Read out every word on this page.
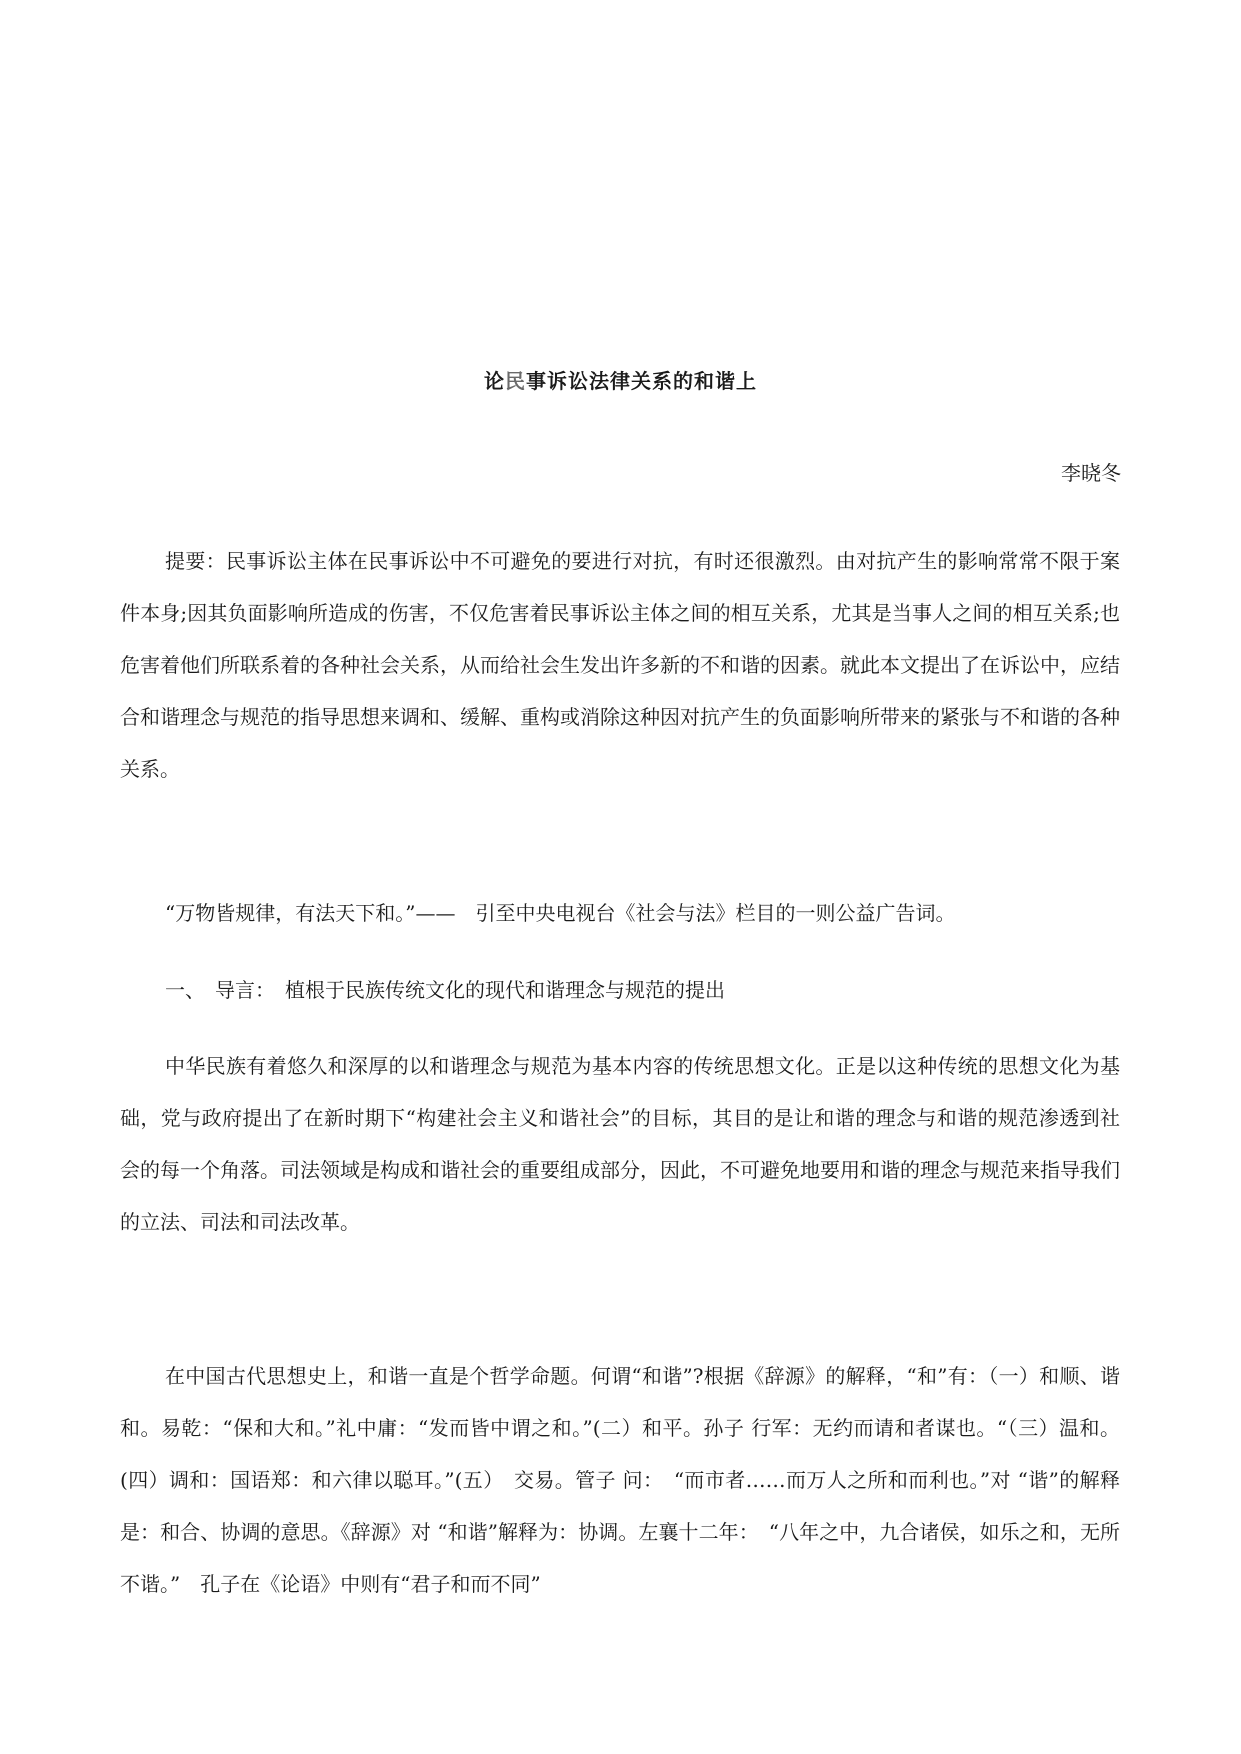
论民事诉讼法律关系的和谐上
李晓冬

提要：民事诉讼主体在民事诉讼中不可避免的要进行对抗，有时还很激烈。由对抗产生的影响常常不限于案件本身;因其负面影响所造成的伤害，不仅危害着民事诉讼主体之间的相互关系，尤其是当事人之间的相互关系;也危害着他们所联系着的各种社会关系，从而给社会生发出许多新的不和谐的因素。就此本文提出了在诉讼中，应结合和谐理念与规范的指导思想来调和、缓解、重构或消除这种因对抗产生的负面影响所带来的紧张与不和谐的各种关系。

“万物皆规律，有法天下和。”——　引至中央电视台《社会与法》栏目的一则公益广告词。

一、　导言：　植根于民族传统文化的现代和谐理念与规范的提出

中华民族有着悠久和深厚的以和谐理念与规范为基本内容的传统思想文化。正是以这种传统的思想文化为基础，党与政府提出了在新时期下“构建社会主义和谐社会”的目标，其目的是让和谐的理念与和谐的规范渗透到社会的每一个角落。司法领域是构成和谐社会的重要组成部分，因此，不可避免地要用和谐的理念与规范来指导我们的立法、司法和司法改革。

在中国古代思想史上，和谐一直是个哲学命题。何谓“和谐”?根据《辞源》的解释，“和”有：（一）和顺、谐和。易乾：“保和大和。”礼中庸：“发而皆中谓之和。”(二）和平。孙子 行军：无约而请和者谋也。“（三）温和。(四）调和：国语郑：和六律以聪耳。”(五）　交易。管子 问：　“而市者……而万人之所和而利也。”对 “谐”的解释是：和合、协调的意思。《辞源》对 “和谐”解释为：协调。左襄十二年：　“八年之中，九合诸侯，如乐之和，无所不谐。”　孔子在《论语》中则有“君子和而不同”
